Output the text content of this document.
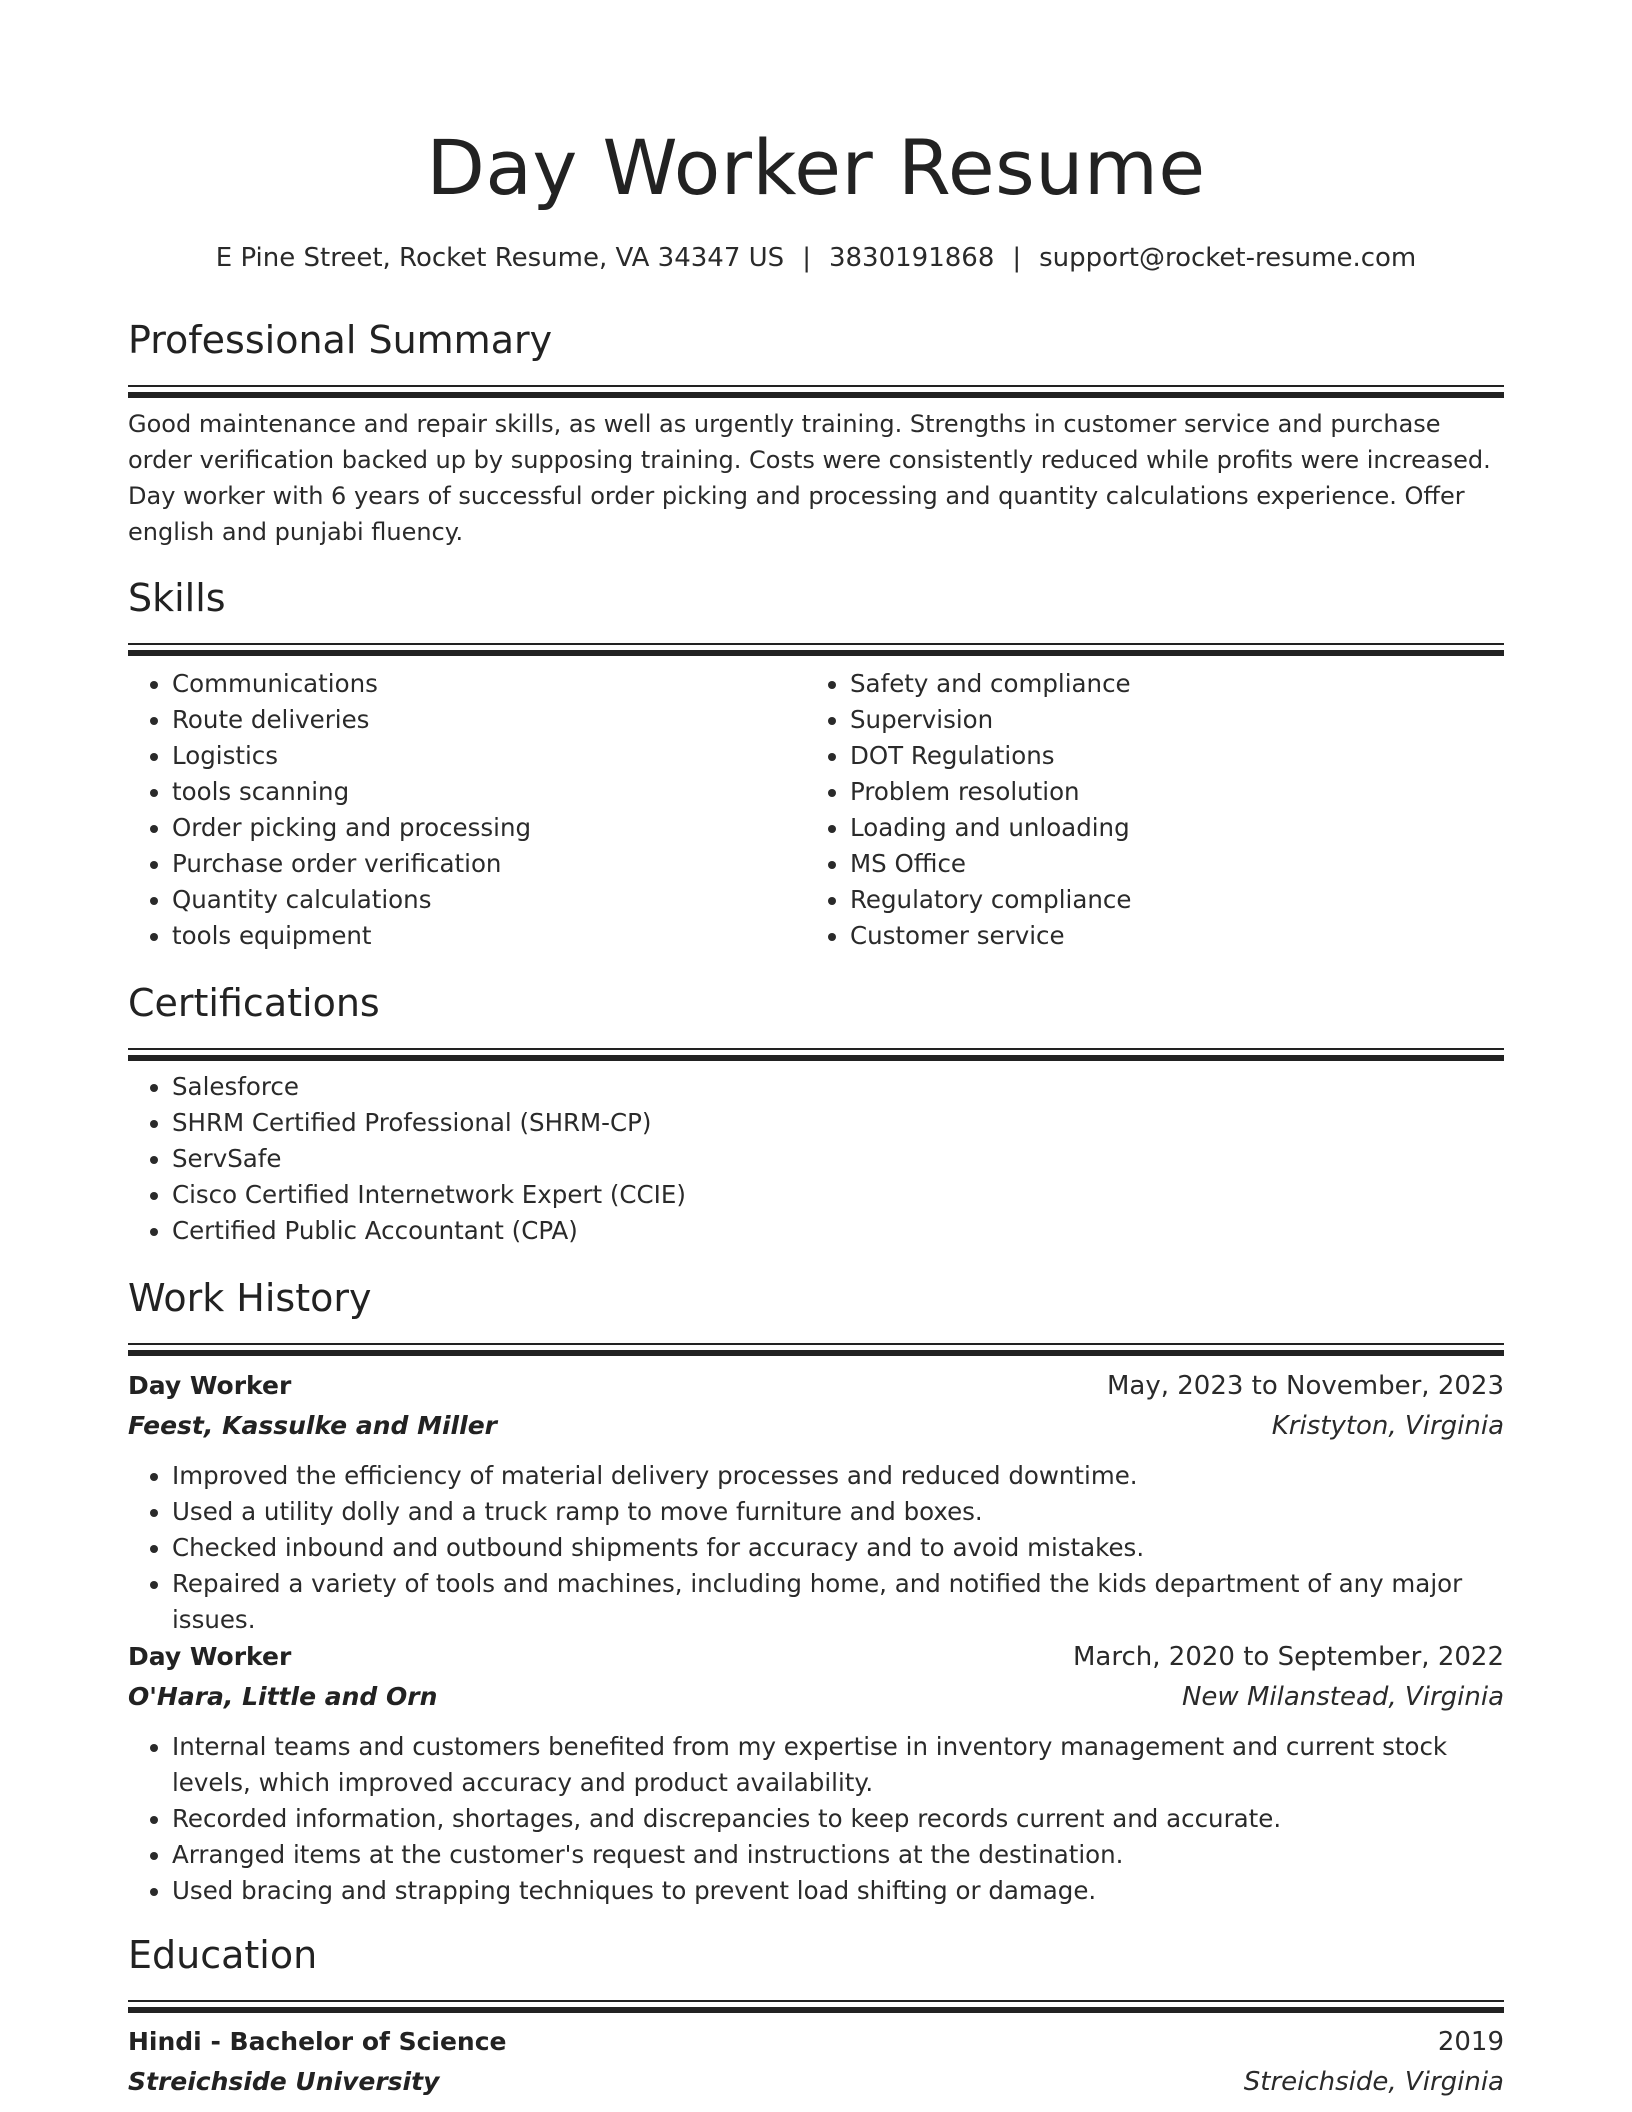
Day Worker Resume
E Pine Street, Rocket Resume, VA 34347 US | 3830191868 | support@rocket-resume.com
Professional Summary
Good maintenance and repair skills, as well as urgently training. Strengths in customer service and purchase order verification backed up by supposing training. Costs were consistently reduced while profits were increased. Day worker with 6 years of successful order picking and processing and quantity calculations experience. Offer english and punjabi fluency.
Skills
• Communications
• Route deliveries
• Logistics
• tools scanning
• Order picking and processing
• Purchase order verification
• Quantity calculations
• tools equipment
• Safety and compliance
• Supervision
• DOT Regulations
• Problem resolution
• Loading and unloading
• MS Office
• Regulatory compliance
• Customer service
Certifications
• Salesforce
• SHRM Certified Professional (SHRM-CP)
• ServSafe
• Cisco Certified Internetwork Expert (CCIE)
• Certified Public Accountant (CPA)
Work History
Day Worker	May, 2023 to November, 2023
Feest, Kassulke and Miller	Kristyton, Virginia
• Improved the efficiency of material delivery processes and reduced downtime.
• Used a utility dolly and a truck ramp to move furniture and boxes.
• Checked inbound and outbound shipments for accuracy and to avoid mistakes.
• Repaired a variety of tools and machines, including home, and notified the kids department of any major issues.
Day Worker	March, 2020 to September, 2022
O'Hara, Little and Orn	New Milanstead, Virginia
• Internal teams and customers benefited from my expertise in inventory management and current stock levels, which improved accuracy and product availability.
• Recorded information, shortages, and discrepancies to keep records current and accurate.
• Arranged items at the customer's request and instructions at the destination.
• Used bracing and strapping techniques to prevent load shifting or damage.
Education
Hindi - Bachelor of Science	2019
Streichside University	Streichside, Virginia
